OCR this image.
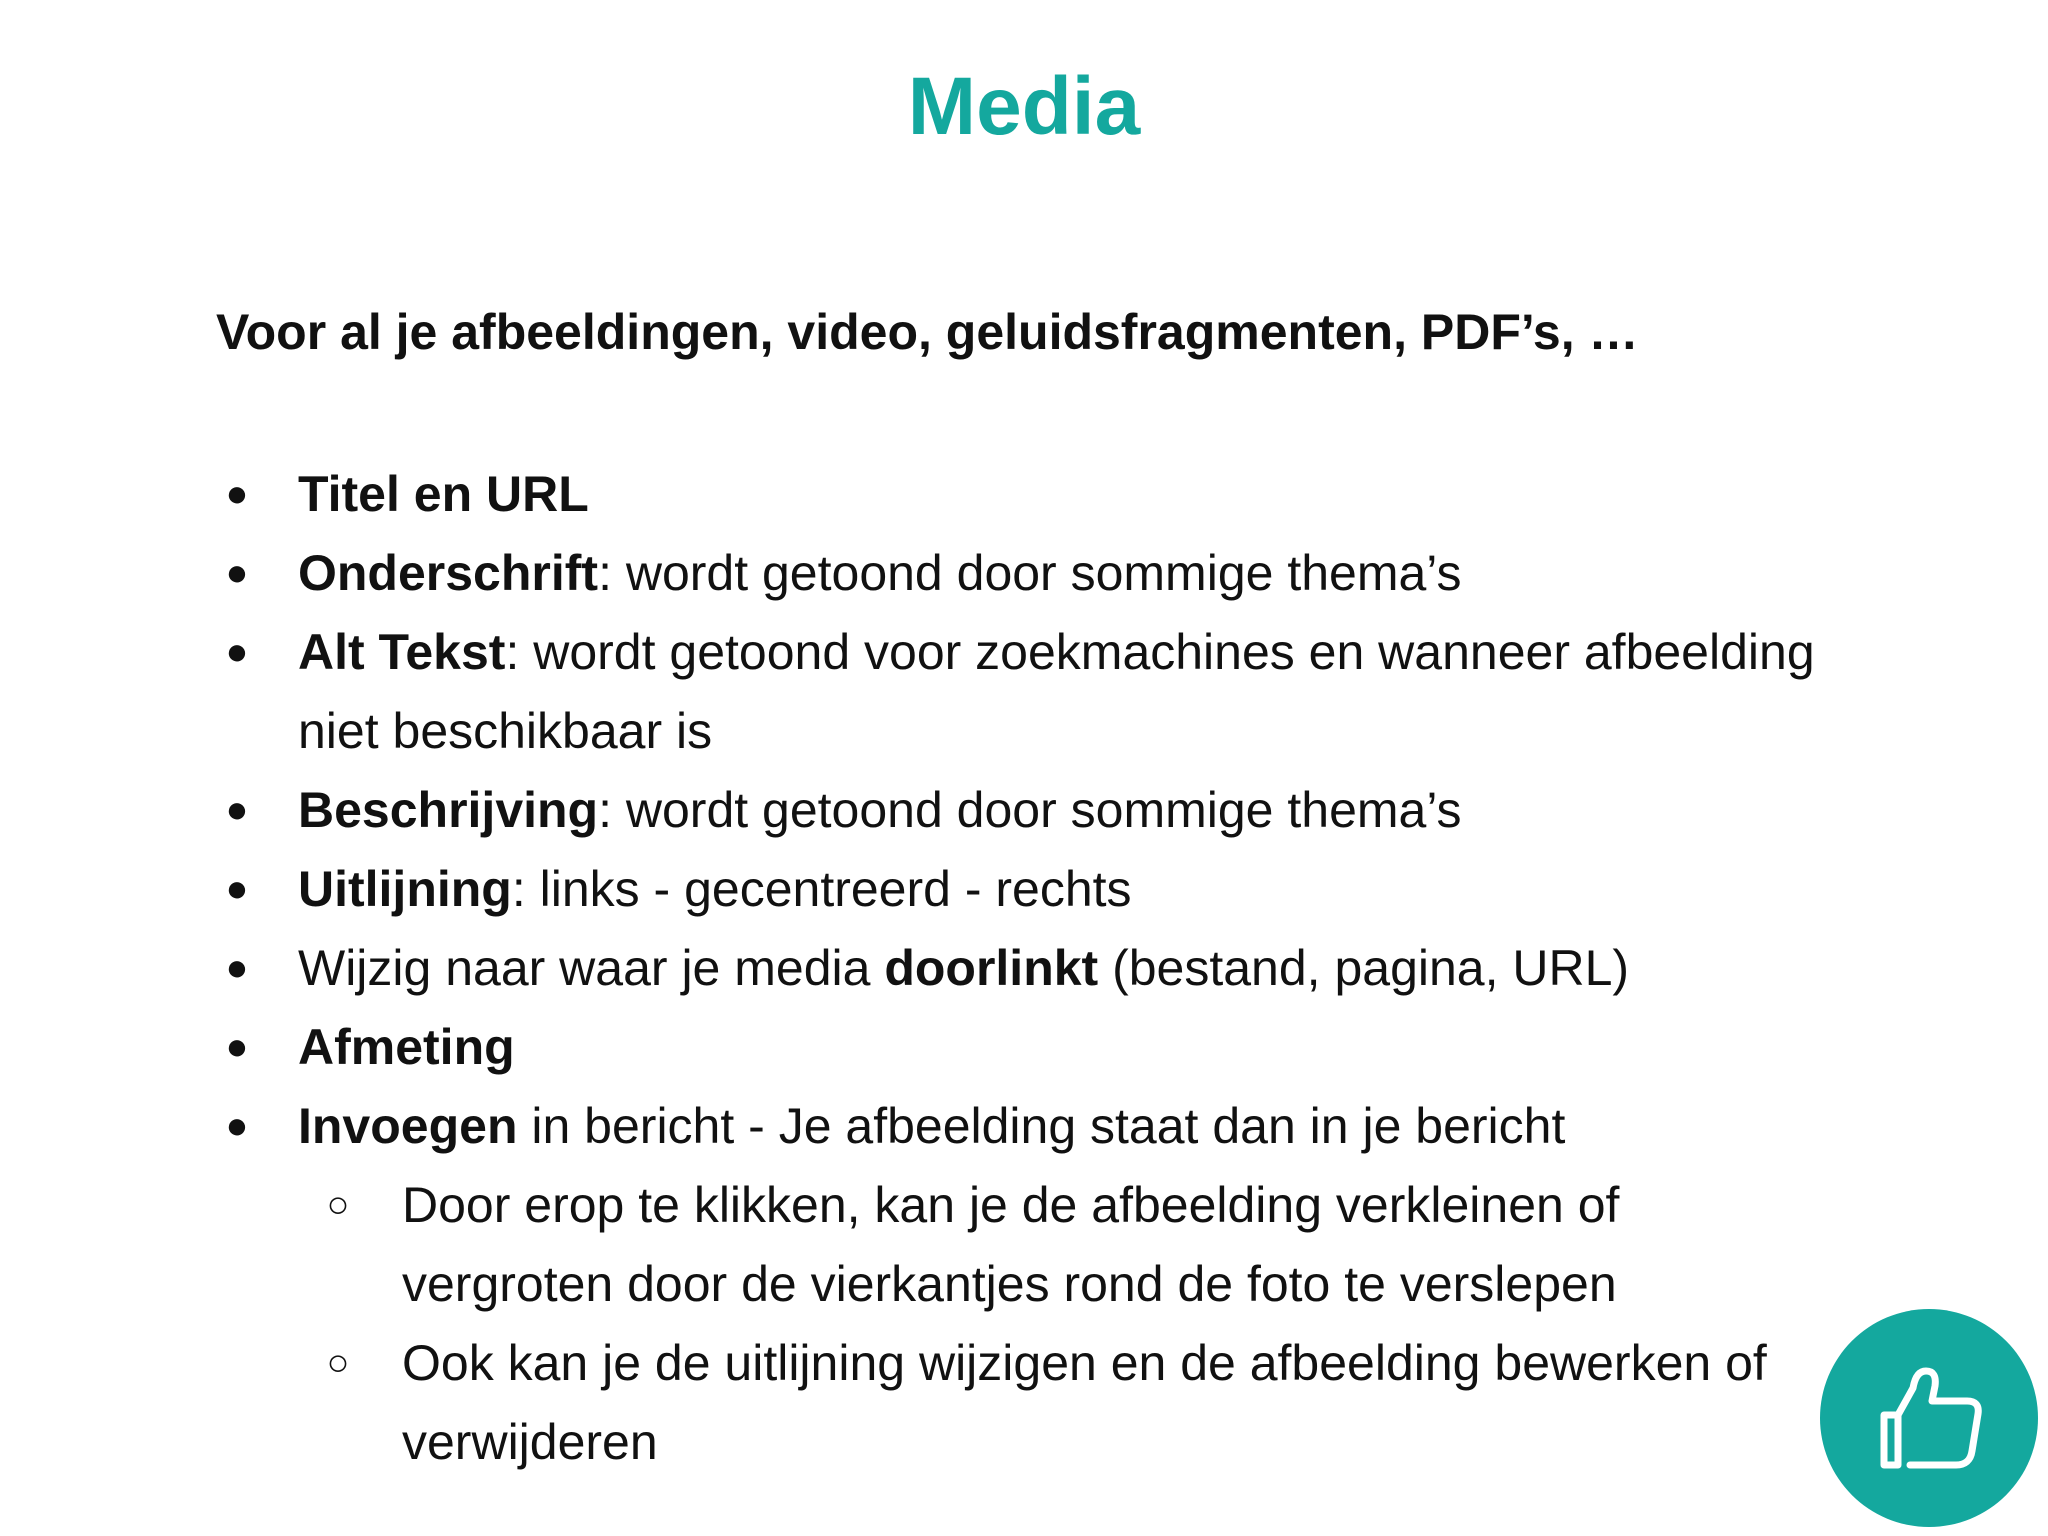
Media
Voor al je afbeeldingen, video, geluidsfragmenten, PDF’s, …
● Titel en URL
● Onderschrift: wordt getoond door sommige thema’s
● Alt Tekst: wordt getoond voor zoekmachines en wanneer afbeelding niet beschikbaar is
● Beschrijving: wordt getoond door sommige thema’s
● Uitlijning: links - gecentreerd - rechts
● Wijzig naar waar je media doorlinkt (bestand, pagina, URL)
● Afmeting
● Invoegen in bericht - Je afbeelding staat dan in je bericht
○ Door erop te klikken, kan je de afbeelding verkleinen of vergroten door de vierkantjes rond de foto te verslepen
○ Ook kan je de uitlijning wijzigen en de afbeelding bewerken of verwijderen
